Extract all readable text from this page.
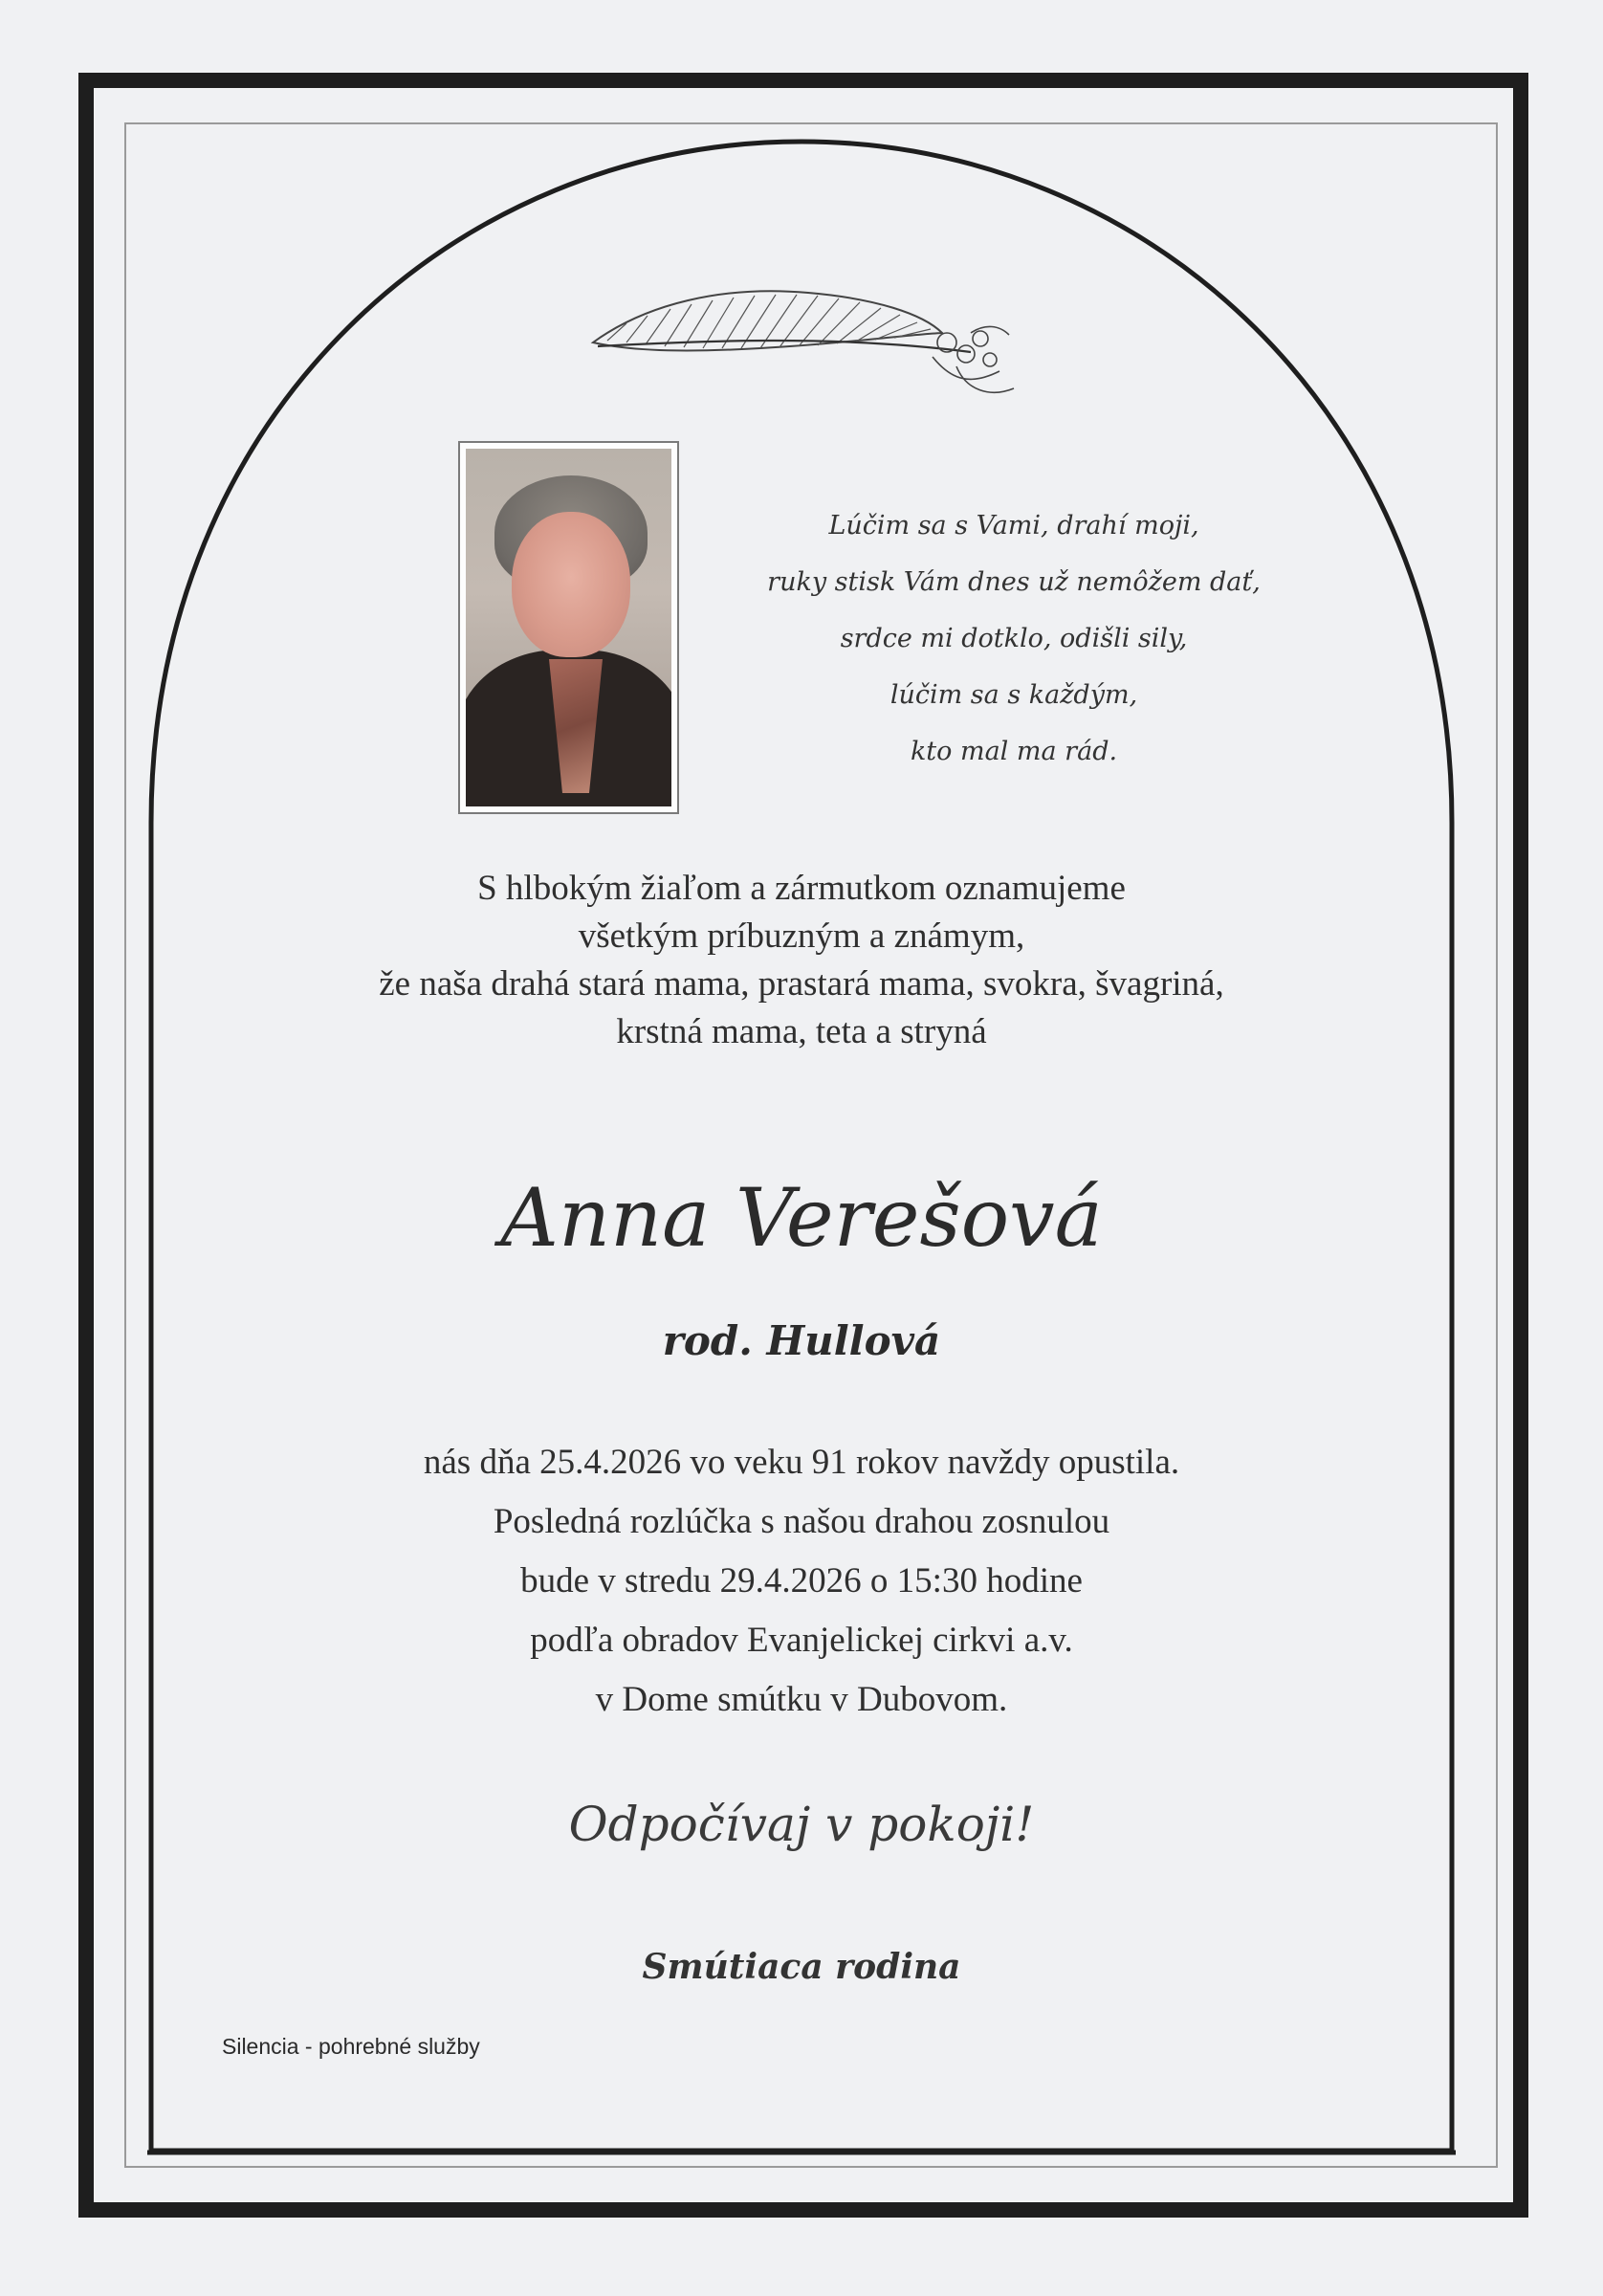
Lúčim sa s Vami, drahí moji,
ruky stisk Vám dnes už nemôžem dať,
srdce mi dotklo, odišli sily,
lúčim sa s každým,
kto mal ma rád.
S hlbokým žiaľom a zármutkom oznamujeme
všetkým príbuzným a známym,
že naša drahá stará mama, prastará mama, svokra, švagriná,
krstná mama, teta a stryná
Anna Verešová
rod. Hullová
nás dňa 25.4.2026 vo veku 91 rokov navždy opustila.
Posledná rozlúčka s našou drahou zosnulou
bude v stredu 29.4.2026 o 15:30 hodine
podľa obradov Evanjelickej cirkvi a.v.
v Dome smútku v Dubovom.
Odpočívaj v pokoji!
Smútiaca rodina
Silencia - pohrebné služby
